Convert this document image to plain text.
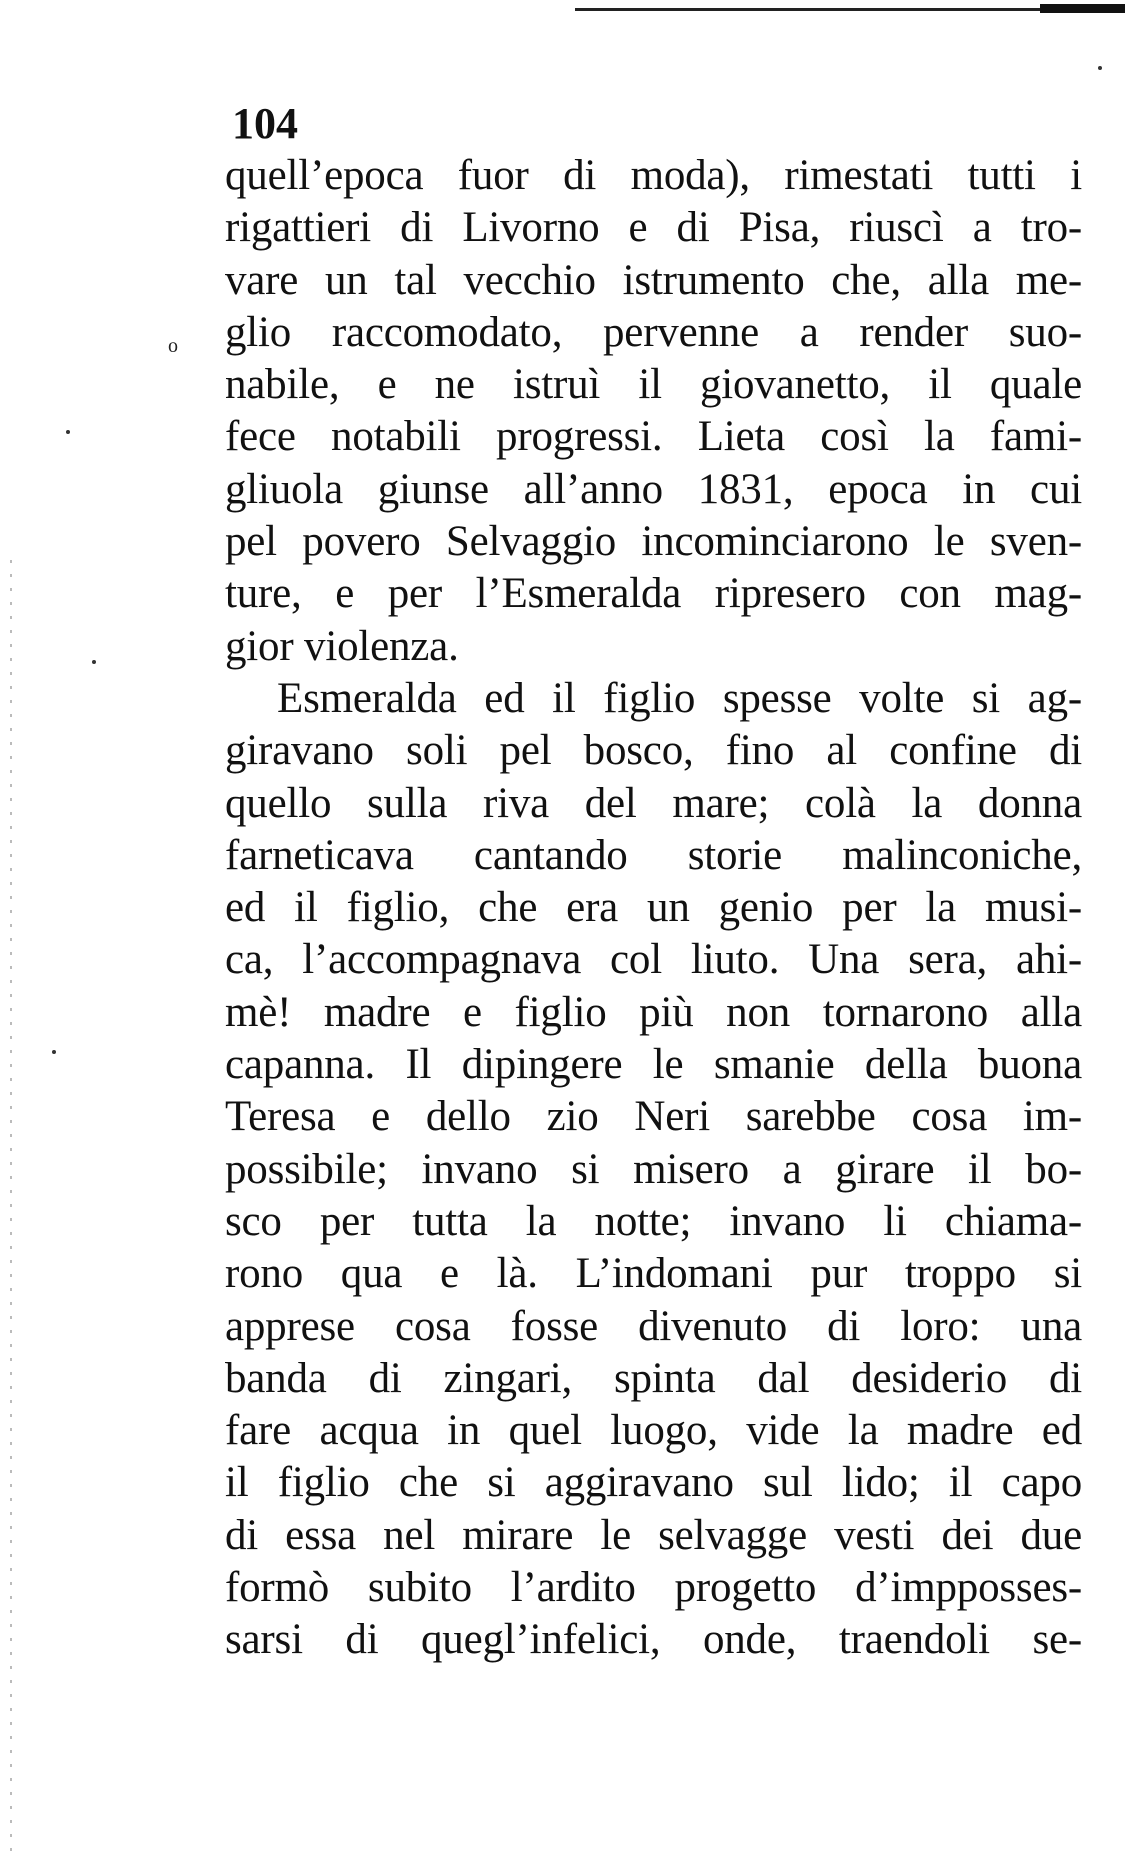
o
104
quell’epoca fuor di moda), rimestati tutti i
rigattieri di Livorno e di Pisa, riuscì a tro-
vare un tal vecchio istrumento che, alla me-
glio raccomodato, pervenne a render suo-
nabile, e ne istruì il giovanetto, il quale
fece notabili progressi. Lieta così la fami-
gliuola giunse all’anno 1831, epoca in cui
pel povero Selvaggio incominciarono le sven-
ture, e per l’Esmeralda ripresero con mag-
gior violenza.
Esmeralda ed il figlio spesse volte si ag-
giravano soli pel bosco, fino al confine di
quello sulla riva del mare; colà la donna
farneticava cantando storie malinconiche,
ed il figlio, che era un genio per la musi-
ca, l’accompagnava col liuto. Una sera, ahi-
mè! madre e figlio più non tornarono alla
capanna. Il dipingere le smanie della buona
Teresa e dello zio Neri sarebbe cosa im-
possibile; invano si misero a girare il bo-
sco per tutta la notte; invano li chiama-
rono qua e là. L’indomani pur troppo si
apprese cosa fosse divenuto di loro: una
banda di zingari, spinta dal desiderio di
fare acqua in quel luogo, vide la madre ed
il figlio che si aggiravano sul lido; il capo
di essa nel mirare le selvagge vesti dei due
formò subito l’ardito progetto d’impposses-
sarsi di quegl’infelici, onde, traendoli se-
